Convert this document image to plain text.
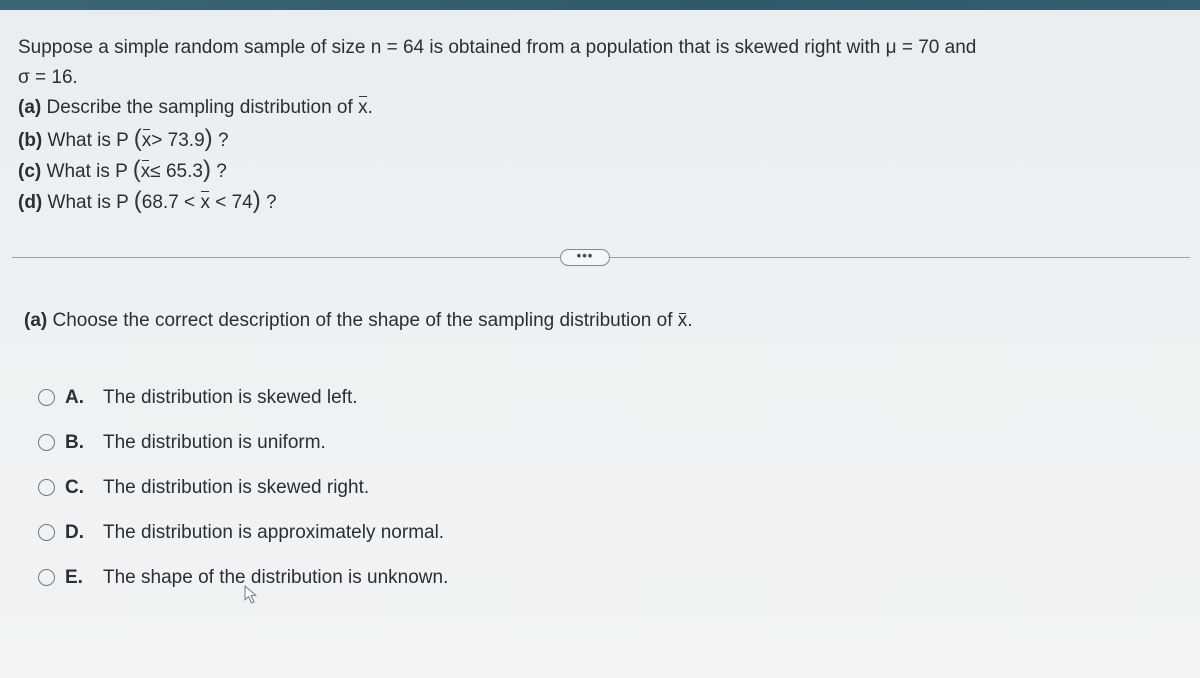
Suppose a simple random sample of size n = 64 is obtained from a population that is skewed right with μ = 70 and
σ = 16.
(a) Describe the sampling distribution of x.
(b) What is P (x> 73.9) ?
(c) What is P (x≤ 65.3) ?
(d) What is P (68.7 < x < 74) ?
•••
(a) Choose the correct description of the shape of the sampling distribution of x.
A.	The distribution is skewed left.
B.	The distribution is uniform.
C.	The distribution is skewed right.
D.	The distribution is approximately normal.
E.	The shape of the distribution is unknown.
